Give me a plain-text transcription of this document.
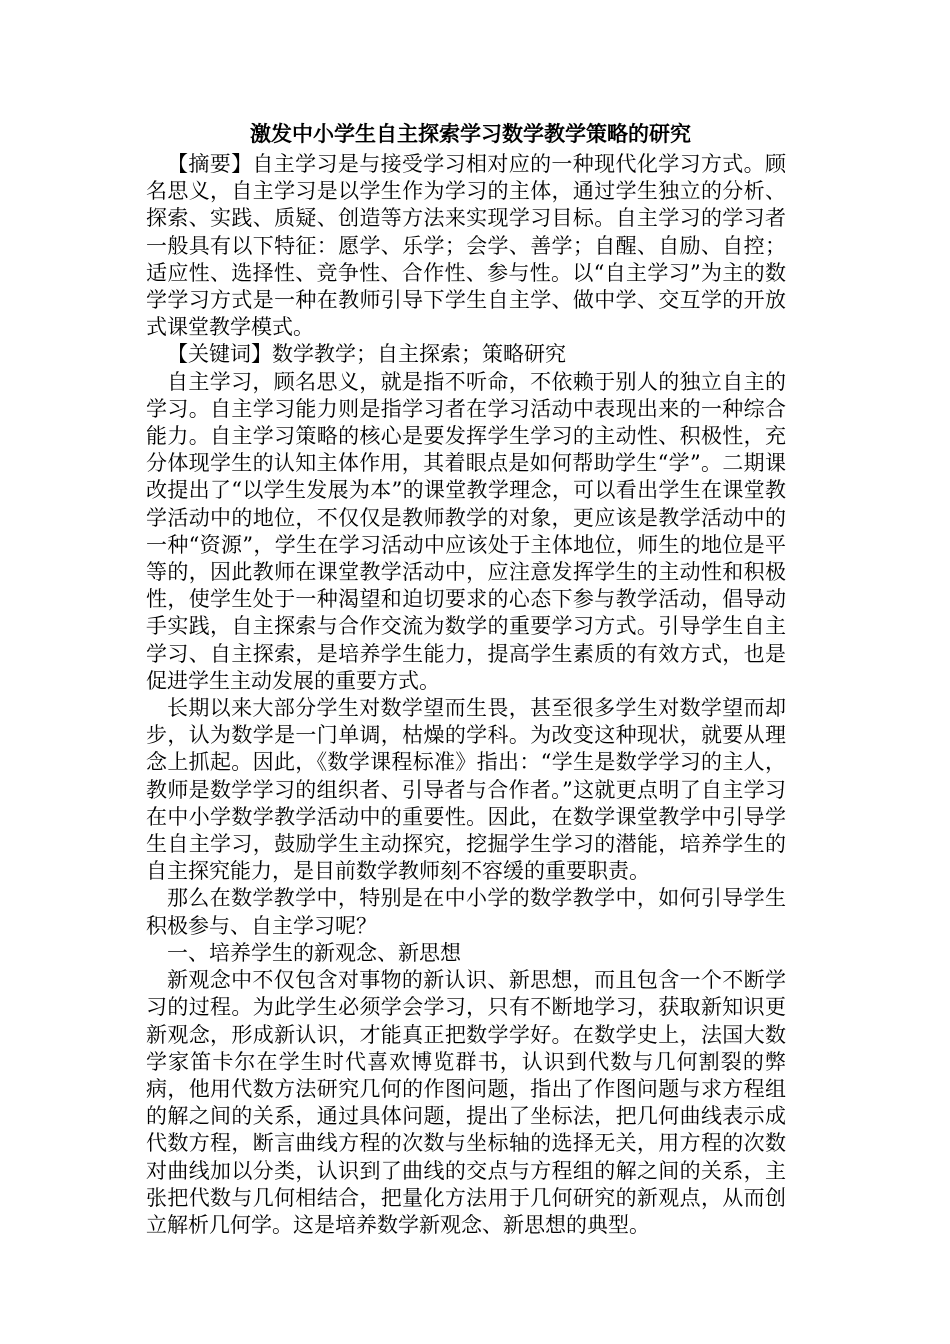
激发中小学生自主探索学习数学教学策略的研究

【摘要】自主学习是与接受学习相对应的一种现代化学习方式。顾名思义，自主学习是以学生作为学习的主体，通过学生独立的分析、探索、实践、质疑、创造等方法来实现学习目标。自主学习的学习者一般具有以下特征：愿学、乐学；会学、善学；自醒、自励、自控；适应性、选择性、竞争性、合作性、参与性。以“自主学习”为主的数学学习方式是一种在教师引导下学生自主学、做中学、交互学的开放式课堂教学模式。

【关键词】数学教学；自主探索；策略研究

自主学习，顾名思义，就是指不听命，不依赖于别人的独立自主的学习。自主学习能力则是指学习者在学习活动中表现出来的一种综合能力。自主学习策略的核心是要发挥学生学习的主动性、积极性，充分体现学生的认知主体作用，其着眼点是如何帮助学生“学”。二期课改提出了“以学生发展为本”的课堂教学理念，可以看出学生在课堂教学活动中的地位，不仅仅是教师教学的对象，更应该是教学活动中的一种“资源”，学生在学习活动中应该处于主体地位，师生的地位是平等的，因此教师在课堂教学活动中，应注意发挥学生的主动性和积极性，使学生处于一种渴望和迫切要求的心态下参与教学活动，倡导动手实践，自主探索与合作交流为数学的重要学习方式。引导学生自主学习、自主探索，是培养学生能力，提高学生素质的有效方式，也是促进学生主动发展的重要方式。

长期以来大部分学生对数学望而生畏，甚至很多学生对数学望而却步，认为数学是一门单调，枯燥的学科。为改变这种现状，就要从理念上抓起。因此，《数学课程标准》指出：“学生是数学学习的主人，教师是数学学习的组织者、引导者与合作者。”这就更点明了自主学习在中小学数学教学活动中的重要性。因此，在数学课堂教学中引导学生自主学习，鼓励学生主动探究，挖掘学生学习的潜能，培养学生的自主探究能力，是目前数学教师刻不容缓的重要职责。

那么在数学教学中，特别是在中小学的数学教学中，如何引导学生积极参与、自主学习呢？

一、培养学生的新观念、新思想

新观念中不仅包含对事物的新认识、新思想，而且包含一个不断学习的过程。为此学生必须学会学习，只有不断地学习，获取新知识更新观念，形成新认识，才能真正把数学学好。在数学史上，法国大数学家笛卡尔在学生时代喜欢博览群书，认识到代数与几何割裂的弊病，他用代数方法研究几何的作图问题，指出了作图问题与求方程组的解之间的关系，通过具体问题，提出了坐标法，把几何曲线表示成代数方程，断言曲线方程的次数与坐标轴的选择无关，用方程的次数对曲线加以分类，认识到了曲线的交点与方程组的解之间的关系，主张把代数与几何相结合，把量化方法用于几何研究的新观点，从而创立解析几何学。这是培养数学新观念、新思想的典型。
